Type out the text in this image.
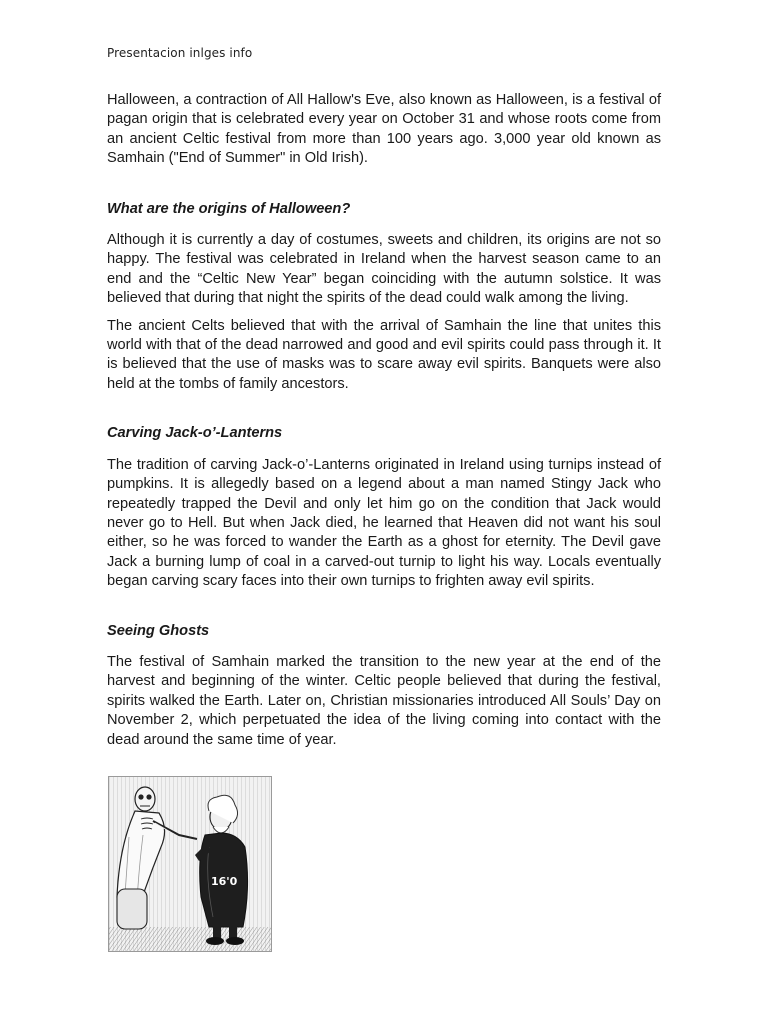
Presentacion inlges info

Halloween, a contraction of All Hallow's Eve, also known as Halloween, is a festival of pagan origin that is celebrated every year on October 31 and whose roots come from an ancient Celtic festival from more than 100 years ago. 3,000 year old known as Samhain ("End of Summer" in Old Irish).

What are the origins of Halloween?

Although it is currently a day of costumes, sweets and children, its origins are not so happy. The festival was celebrated in Ireland when the harvest season came to an end and the “Celtic New Year” began coinciding with the autumn solstice. It was believed that during that night the spirits of the dead could walk among the living.

The ancient Celts believed that with the arrival of Samhain the line that unites this world with that of the dead narrowed and good and evil spirits could pass through it. It is believed that the use of masks was to scare away evil spirits. Banquets were also held at the tombs of family ancestors.

Carving Jack-o’-Lanterns

The tradition of carving Jack-o’-Lanterns originated in Ireland using turnips instead of pumpkins. It is allegedly based on a legend about a man named Stingy Jack who repeatedly trapped the Devil and only let him go on the condition that Jack would never go to Hell. But when Jack died, he learned that Heaven did not want his soul either, so he was forced to wander the Earth as a ghost for eternity. The Devil gave Jack a burning lump of coal in a carved-out turnip to light his way. Locals eventually began carving scary faces into their own turnips to frighten away evil spirits.

Seeing Ghosts

The festival of Samhain marked the transition to the new year at the end of the harvest and beginning of the winter. Celtic people believed that during the festival, spirits walked the Earth. Later on, Christian missionaries introduced All Souls’ Day on November 2, which perpetuated the idea of the living coming into contact with the dead around the same time of year.

16'0
